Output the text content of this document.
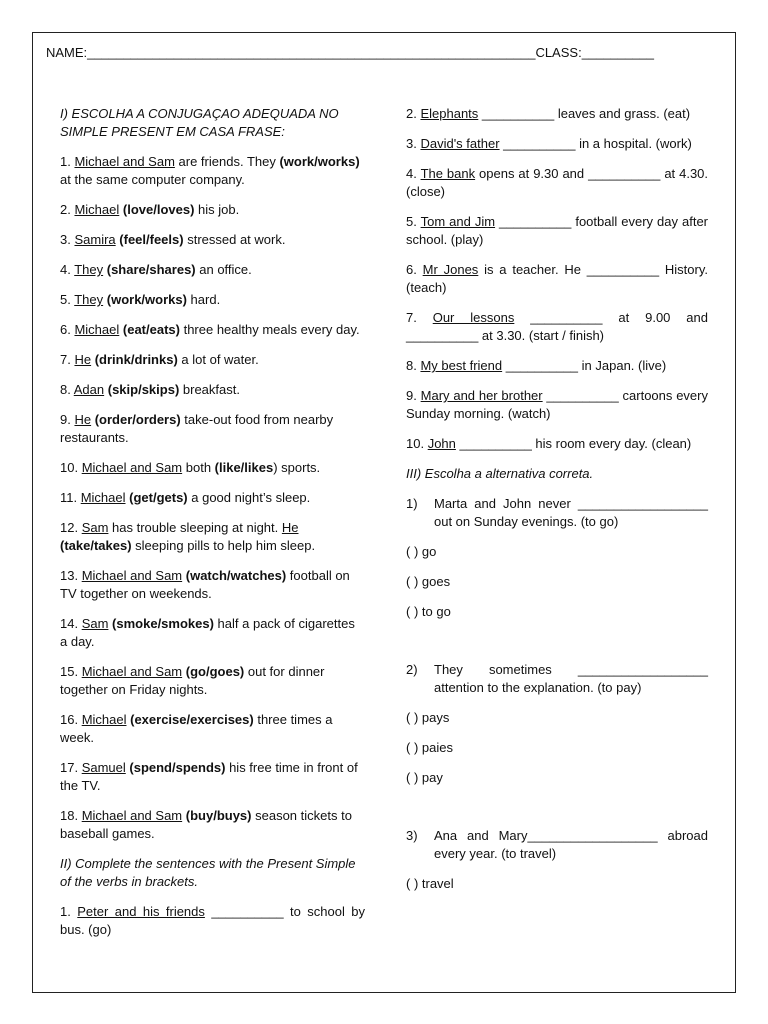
NAME:______________________________________________________________CLASS:__________

I) ESCOLHA A CONJUGAÇAO ADEQUADA NO SIMPLE PRESENT EM CASA FRASE:

1. Michael and Sam are friends. They (work/works) at the same computer company.

2. Michael (love/loves) his job.

3. Samira (feel/feels) stressed at work.

4. They (share/shares) an office.

5. They (work/works) hard.

6. Michael (eat/eats) three healthy meals every day.

7. He (drink/drinks) a lot of water.

8. Adan (skip/skips) breakfast.

9. He (order/orders) take-out food from nearby restaurants.

10. Michael and Sam both (like/likes) sports.

11. Michael (get/gets) a good night’s sleep.

12. Sam has trouble sleeping at night. He (take/takes) sleeping pills to help him sleep.

13. Michael and Sam (watch/watches) football on TV together on weekends.

14. Sam (smoke/smokes) half a pack of cigarettes a day.

15. Michael and Sam (go/goes) out for dinner together on Friday nights.

16. Michael (exercise/exercises) three times a week.

17. Samuel (spend/spends) his free time in front of the TV.

18. Michael and Sam (buy/buys) season tickets to baseball games.

II) Complete the sentences with the Present Simple of the verbs in brackets.

1. Peter and his friends __________ to school by bus. (go)

2. Elephants __________ leaves and grass. (eat)

3. David's father __________ in a hospital. (work)

4. The bank opens at 9.30 and __________ at 4.30. (close)

5. Tom and Jim __________ football every day after school. (play)

6. Mr Jones is a teacher. He __________ History. (teach)

7. Our lessons __________ at 9.00 and __________ at 3.30. (start / finish)

8. My best friend __________ in Japan. (live)

9. Mary and her brother __________ cartoons every Sunday morning. (watch)

10. John __________ his room every day. (clean)

III) Escolha a alternativa correta.

1)	Marta and John never __________________ out on Sunday evenings. (to go)
( ) go
( ) goes
( ) to go
2)	They sometimes __________________ attention to the explanation. (to pay)
( ) pays
( ) paies
( ) pay
3)	Ana and Mary__________________ abroad every year. (to travel)
( ) travel
